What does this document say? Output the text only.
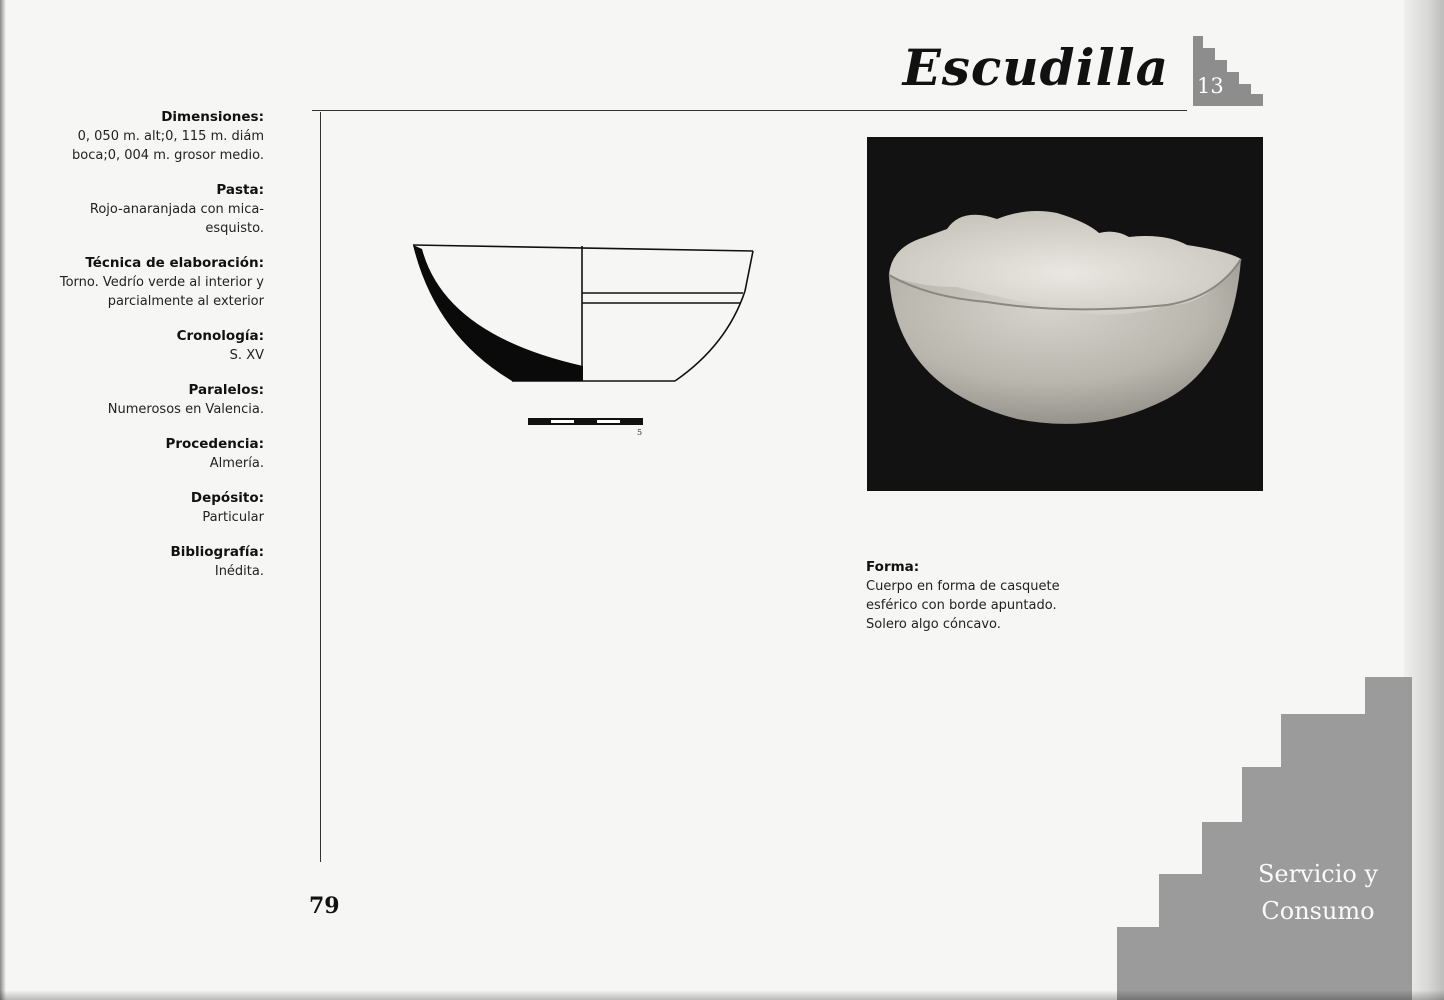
Escudilla 13
Dimensiones:
0, 050 m. alt;0, 115 m. diám boca;0, 004 m. grosor medio.
Pasta:
Rojo-anaranjada con mica-esquisto.
Técnica de elaboración:
Torno. Vedrío verde al interior y parcialmente al exterior
Cronología:
S. XV
Paralelos:
Numerosos en Valencia.
Procedencia:
Almería.
Depósito:
Particular
Bibliografía:
Inédita.
5
Forma:
Cuerpo en forma de casquete esférico con borde apuntado. Solero algo cóncavo.
Servicio y
Consumo
79
